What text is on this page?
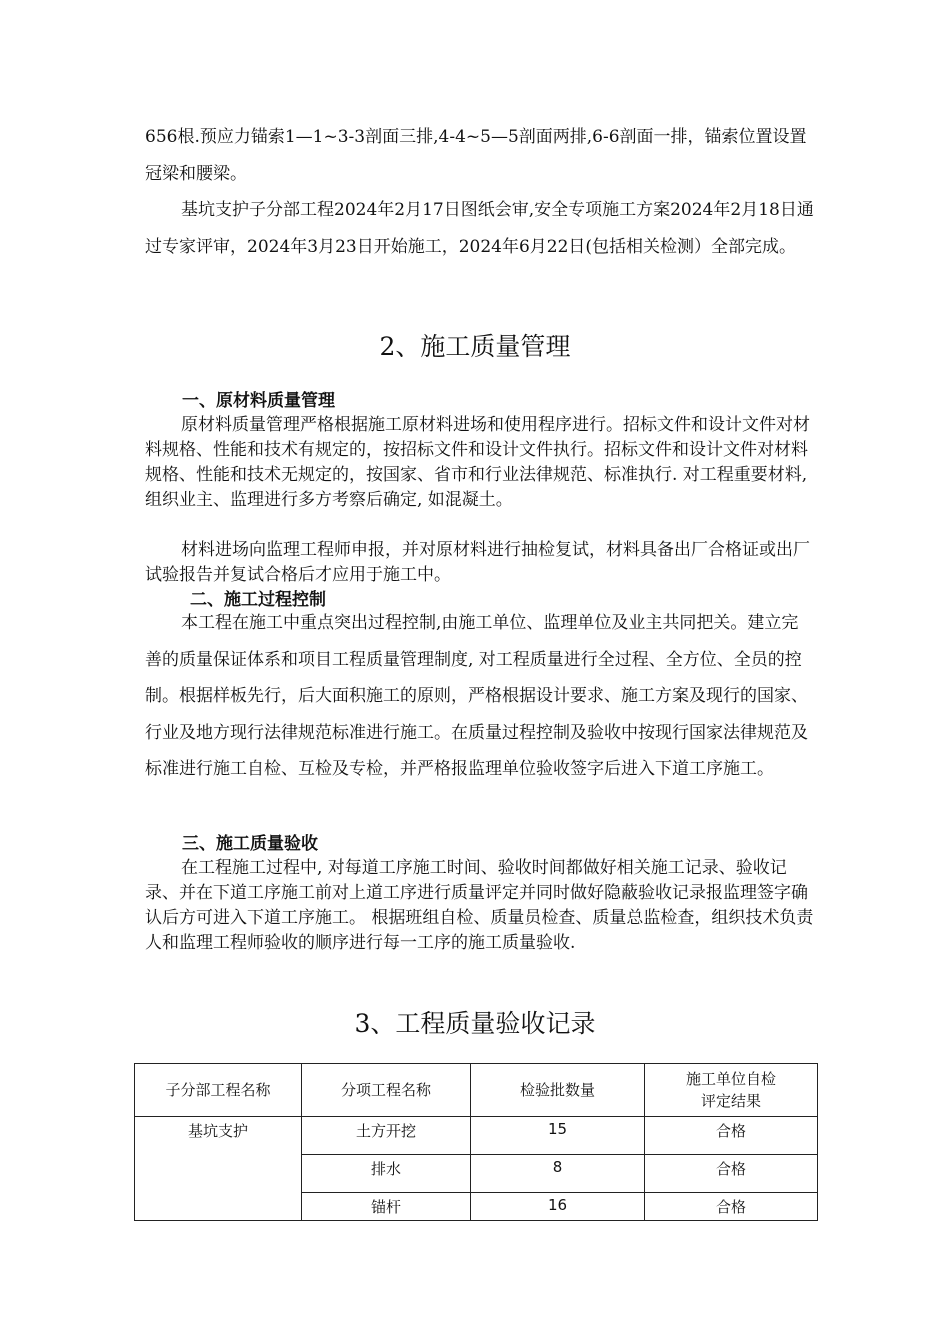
656根.预应力锚索1—1~3-3剖面三排,4-4~5—5剖面两排,6-6剖面一排，锚索位置设置冠梁和腰梁。

基坑支护子分部工程2024年2月17日图纸会审,安全专项施工方案2024年2月18日通过专家评审，2024年3月23日开始施工，2024年6月22日(包括相关检测）全部完成。

2、施工质量管理
一、原材料质量管理

原材料质量管理严格根据施工原材料进场和使用程序进行。招标文件和设计文件对材料规格、性能和技术有规定的，按招标文件和设计文件执行。招标文件和设计文件对材料规格、性能和技术无规定的，按国家、省市和行业法律规范、标准执行. 对工程重要材料, 组织业主、监理进行多方考察后确定, 如混凝土。

材料进场向监理工程师申报，并对原材料进行抽检复试，材料具备出厂合格证或出厂试验报告并复试合格后才应用于施工中。

二、施工过程控制

本工程在施工中重点突出过程控制,由施工单位、监理单位及业主共同把关。建立完善的质量保证体系和项目工程质量管理制度, 对工程质量进行全过程、全方位、全员的控制。根据样板先行，后大面积施工的原则，严格根据设计要求、施工方案及现行的国家、行业及地方现行法律规范标准进行施工。在质量过程控制及验收中按现行国家法律规范及标准进行施工自检、互检及专检，并严格报监理单位验收签字后进入下道工序施工。

三、施工质量验收

在工程施工过程中, 对每道工序施工时间、验收时间都做好相关施工记录、验收记录、并在下道工序施工前对上道工序进行质量评定并同时做好隐蔽验收记录报监理签字确认后方可进入下道工序施工。 根据班组自检、质量员检查、质量总监检查，组织技术负责人和监理工程师验收的顺序进行每一工序的施工质量验收.

3、工程质量验收记录
子分部工程名称	分项工程名称	检验批数量	施工单位自检
评定结果
基坑支护	土方开挖	15	合格
	排水	8	合格
	锚杆	16	合格
